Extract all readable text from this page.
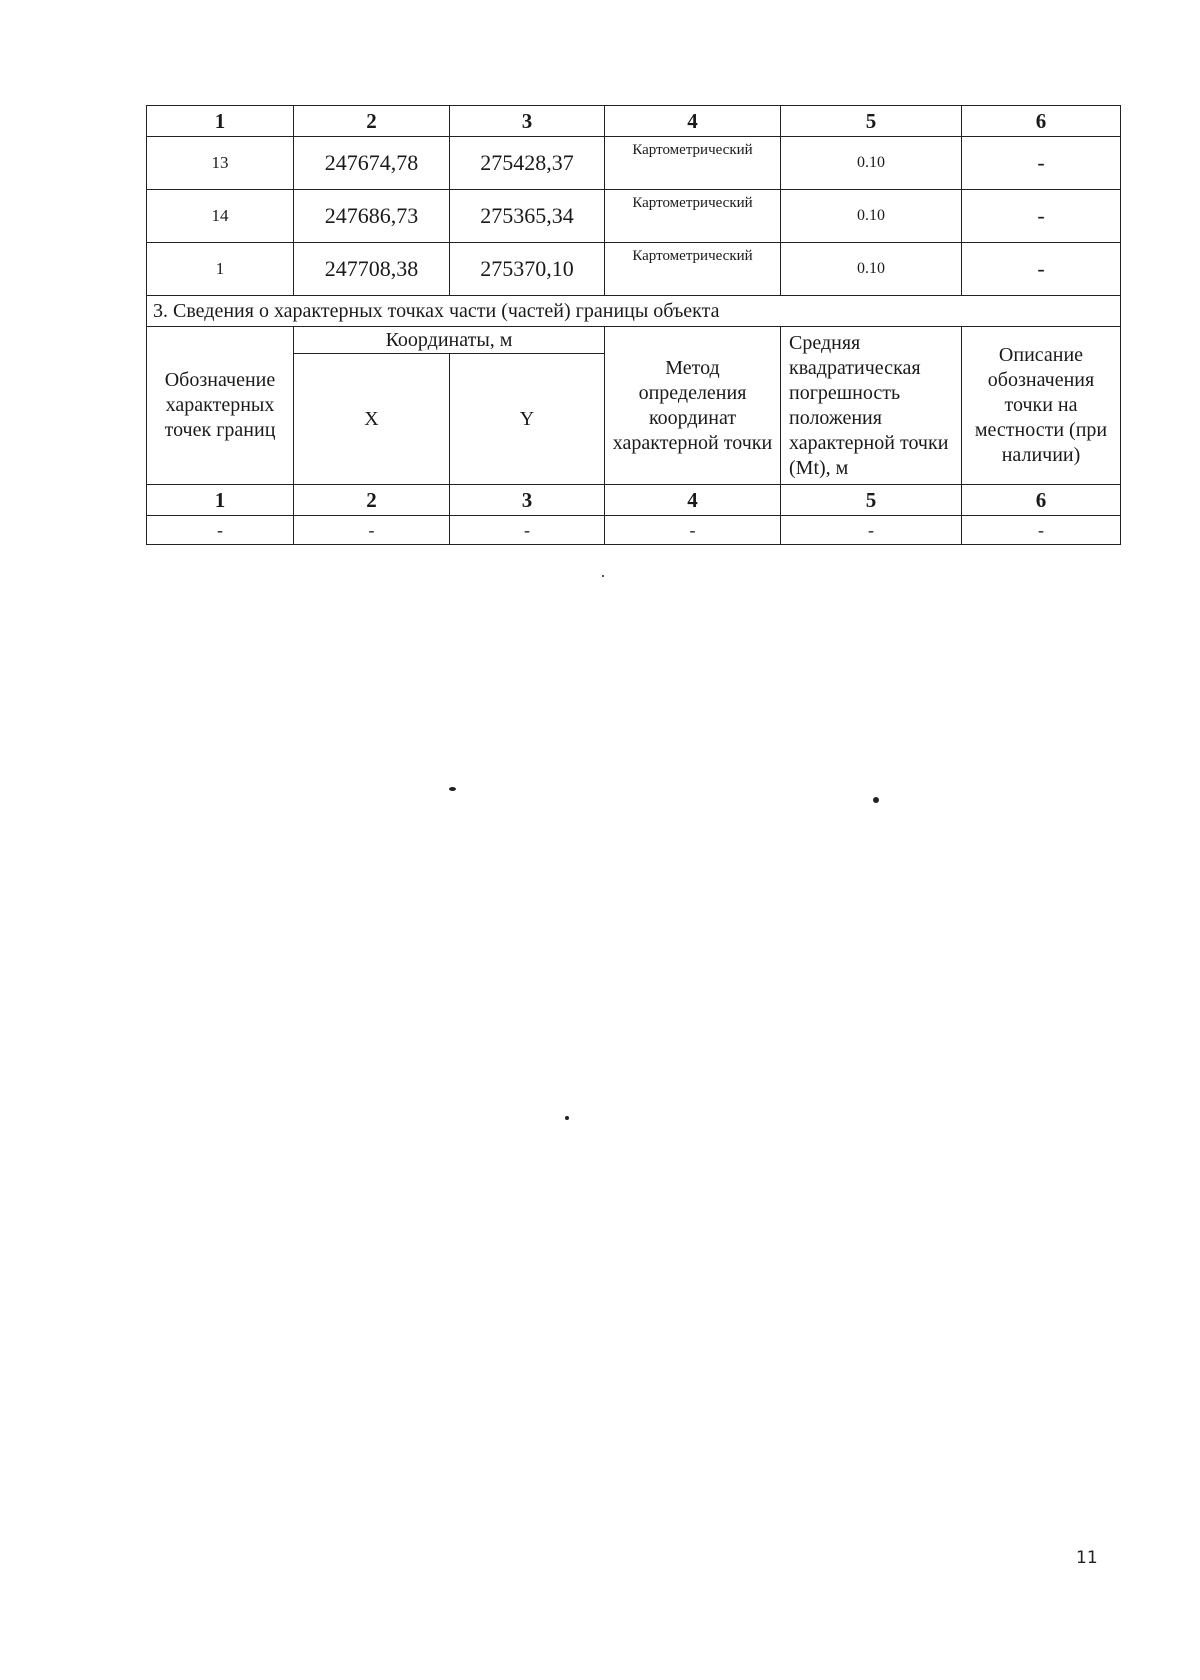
1	2	3	4	5	6
13	247674,78	275428,37	Картометрический	0.10	-
14	247686,73	275365,34	Картометрический	0.10	-
1	247708,38	275370,10	Картометрический	0.10	-
3. Сведения о характерных точках части (частей) границы объекта					
Обозначение характерных точек границ	Координаты, м		Метод определения координат характерной точки	Средняя квадратическая погрешность положения характерной точки (Mt), м	Описание обозначения точки на местности (при наличии)
	X	Y			
1	2	3	4	5	6
-	-	-	-	-	-
11
